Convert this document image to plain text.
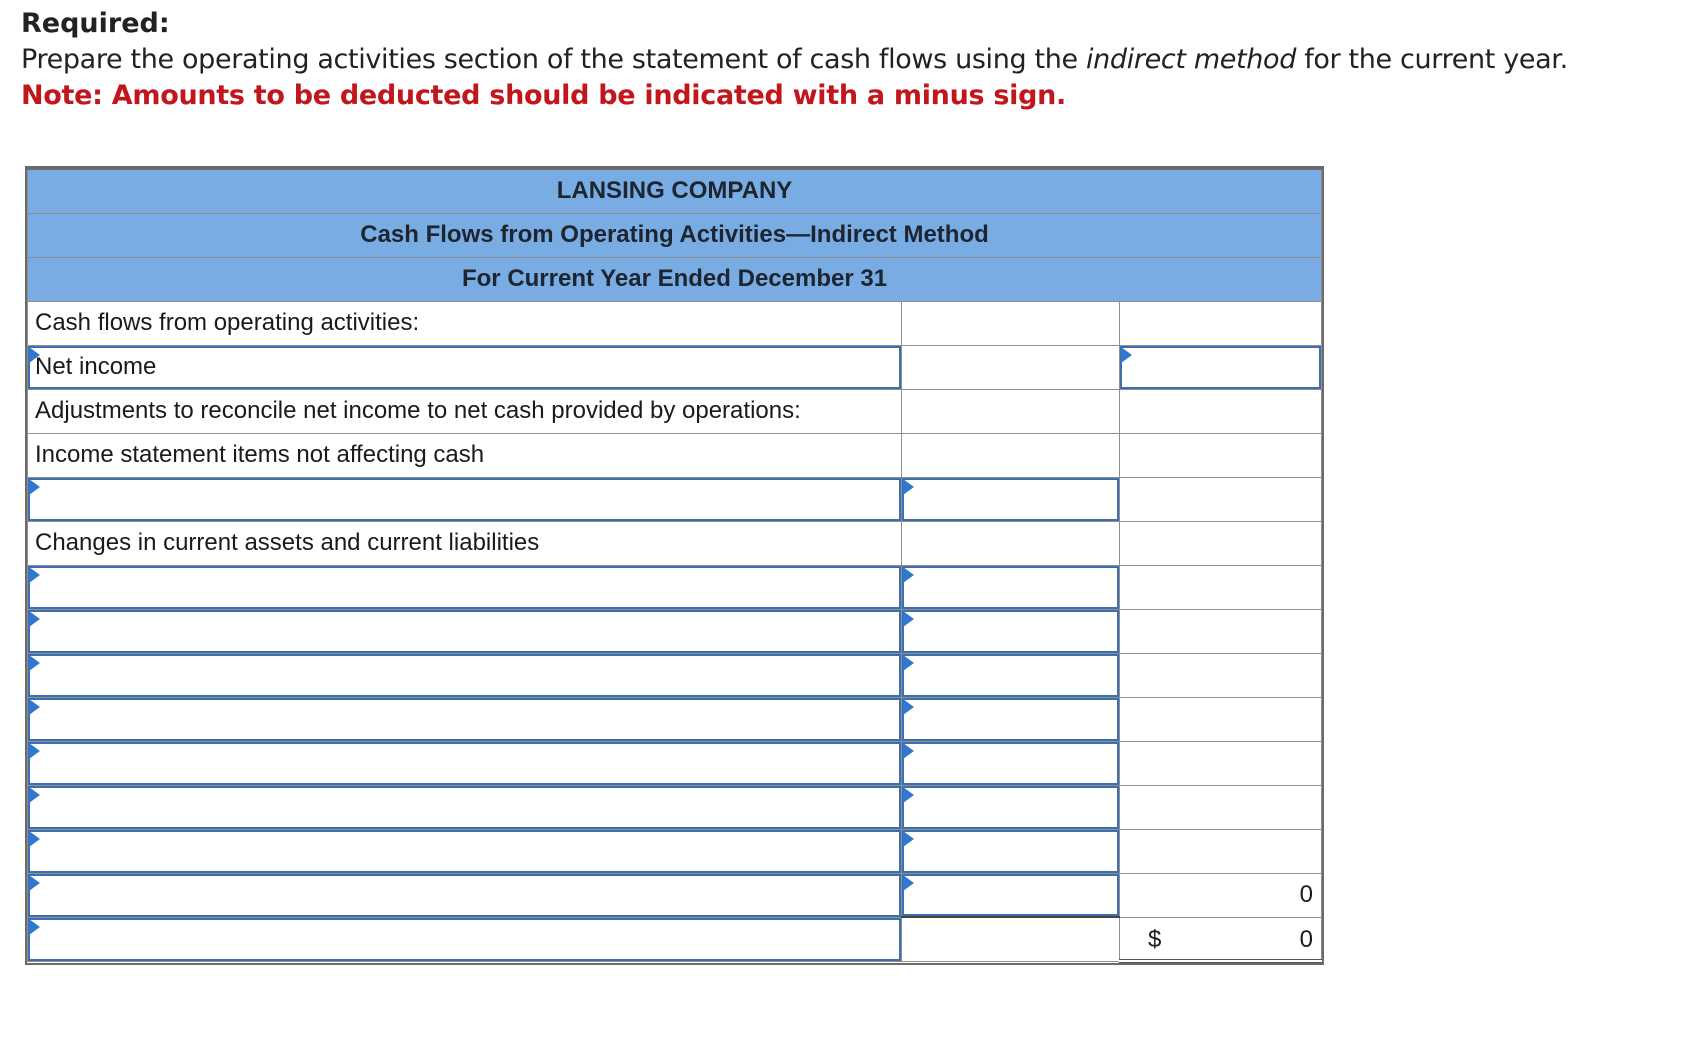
Required:
Prepare the operating activities section of the statement of cash flows using the indirect method for the current year.
Note: Amounts to be deducted should be indicated with a minus sign.
LANSING COMPANY		
Cash Flows from Operating Activities—Indirect Method		
For Current Year Ended December 31		
Cash flows from operating activities:		

Net income		

Adjustments to reconcile net income to net cash provided by operations:		
Income statement items not affecting cash		

Changes in current assets and current liabilities		

		0

		$ 0
